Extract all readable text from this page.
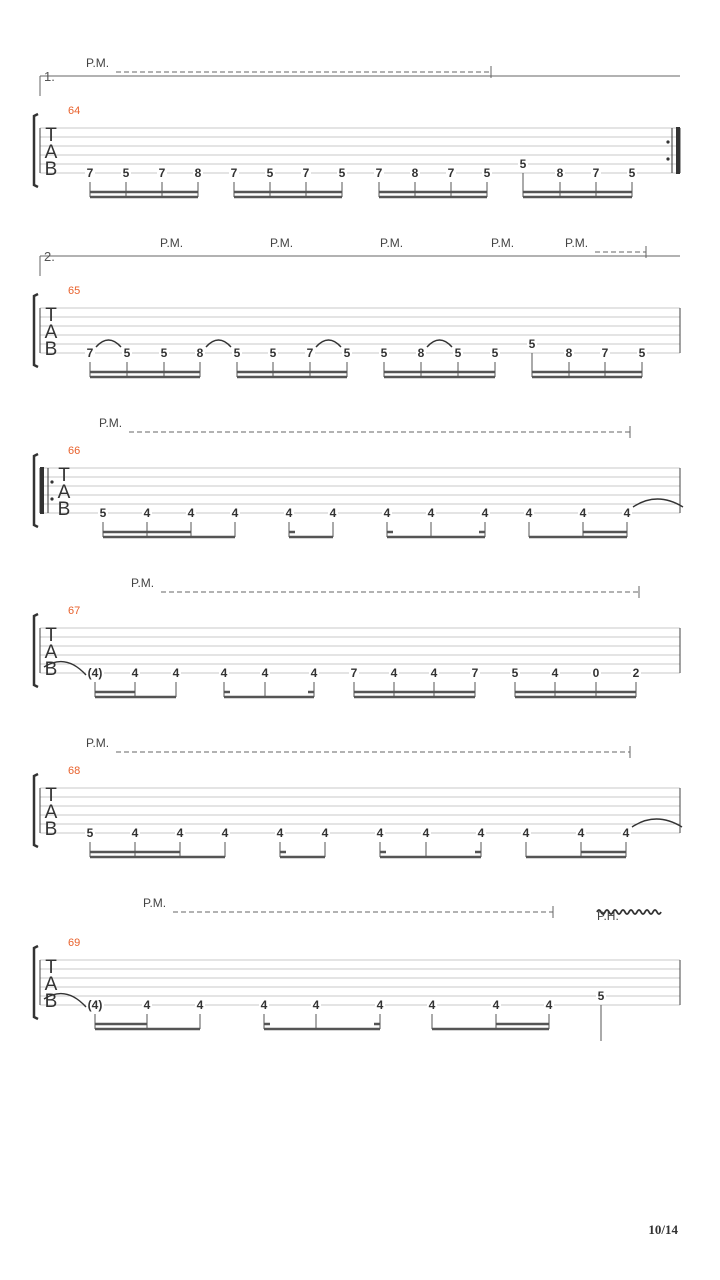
T
A
B
64
1.
P.M.
7 5 7 8 7 5 7 5	7 8 7 5
5
8 7 5
T
A
B
65
2.
P.M.	P.M.	P.M.	P.M.	P.M.
7	5	5 8	5 5	7	5	5	8	5	5
5
8 7	5
T
A
B
66
P.M.
5	4	4	4	4	4	4	4	4	4	4	4
T
A
B
67
P.M.
(4) 4	4	4	4	4	7	4	4	7	5	4	0	2
T
A
B
68
P.M.
5	4	4	4	4	4	4	4	4	4	4	4
T
A
B
69
P.M.
P.H.
(4)	4	4	4	4	4	4	4	4
5
10/14
